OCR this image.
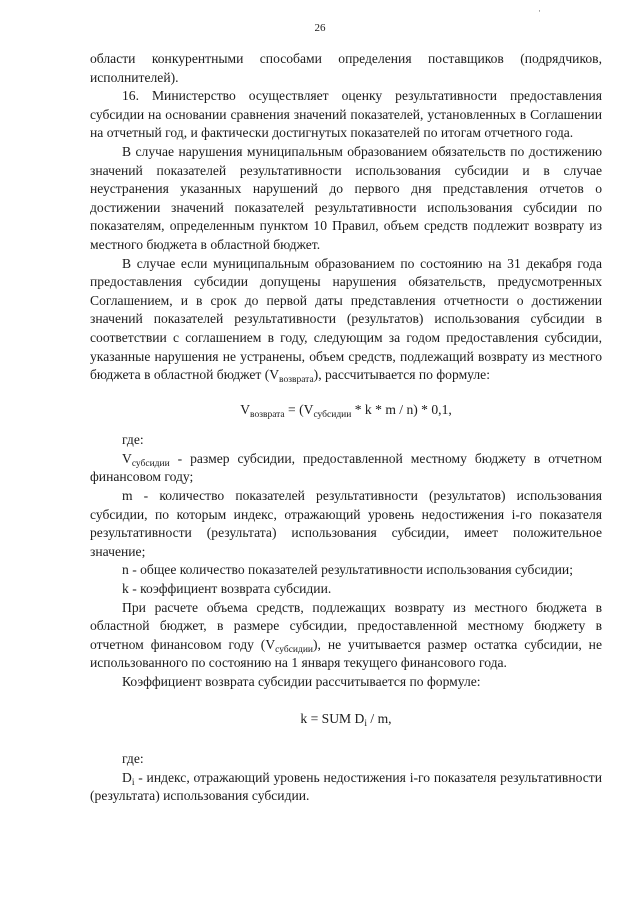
·
26

области конкурентными способами определения поставщиков (подрядчиков, исполнителей).

16. Министерство осуществляет оценку результативности предоставления субсидии на основании сравнения значений показателей, установленных в Соглашении на отчетный год, и фактически достигнутых показателей по итогам отчетного года.

В случае нарушения муниципальным образованием обязательств по достижению значений показателей результативности использования субсидии и в случае неустранения указанных нарушений до первого дня представления отчетов о достижении значений показателей результативности использования субсидии по показателям, определенным пунктом 10 Правил, объем средств подлежит возврату из местного бюджета в областной бюджет.

В случае если муниципальным образованием по состоянию на 31 декабря года предоставления субсидии допущены нарушения обязательств, предусмотренных Соглашением, и в срок до первой даты представления отчетности о достижении значений показателей результативности (результатов) использования субсидии в соответствии с соглашением в году, следующим за годом предоставления субсидии, указанные нарушения не устранены, объем средств, подлежащий возврату из местного бюджета в областной бюджет $(V_{возврата})$, рассчитывается по формуле:

$V_{возврата} = (V_{субсидии} * k * m / n) * 0,1$,

где:

$V_{субсидии}$ - размер субсидии, предоставленной местному бюджету в отчетном финансовом году;

m - количество показателей результативности (результатов) использования субсидии, по которым индекс, отражающий уровень недостижения i-го показателя результативности (результата) использования субсидии, имеет положительное значение;

n - общее количество показателей результативности использования субсидии;

k - коэффициент возврата субсидии.

При расчете объема средств, подлежащих возврату из местного бюджета в областной бюджет, в размере субсидии, предоставленной местному бюджету в отчетном финансовом году $(V_{субсидии})$, не учитывается размер остатка субсидии, не использованного по состоянию на 1 января текущего финансового года.

Коэффициент возврата субсидии рассчитывается по формуле:

k = SUM $D_i$ / m,

где:

$D_i$ - индекс, отражающий уровень недостижения i-го показателя результативности (результата) использования субсидии.
